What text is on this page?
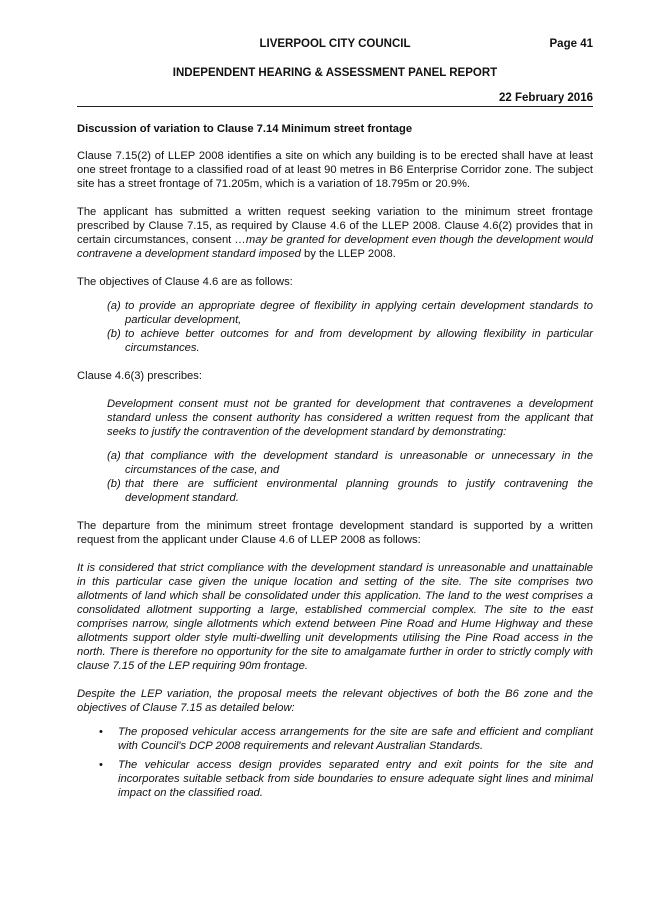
LIVERPOOL CITY COUNCIL	Page 41
INDEPENDENT HEARING & ASSESSMENT PANEL REPORT
22 February 2016
Discussion of variation to Clause 7.14 Minimum street frontage

Clause 7.15(2) of LLEP 2008 identifies a site on which any building is to be erected shall have at least one street frontage to a classified road of at least 90 metres in B6 Enterprise Corridor zone. The subject site has a street frontage of 71.205m, which is a variation of 18.795m or 20.9%.

The applicant has submitted a written request seeking variation to the minimum street frontage prescribed by Clause 7.15, as required by Clause 4.6 of the LLEP 2008. Clause 4.6(2) provides that in certain circumstances, consent …may be granted for development even though the development would contravene a development standard imposed by the LLEP 2008.

The objectives of Clause 4.6 are as follows:

(a) to provide an appropriate degree of flexibility in applying certain development standards to particular development,
(b) to achieve better outcomes for and from development by allowing flexibility in particular circumstances.

Clause 4.6(3) prescribes:

Development consent must not be granted for development that contravenes a development standard unless the consent authority has considered a written request from the applicant that seeks to justify the contravention of the development standard by demonstrating:

(a) that compliance with the development standard is unreasonable or unnecessary in the circumstances of the case, and
(b) that there are sufficient environmental planning grounds to justify contravening the development standard.

The departure from the minimum street frontage development standard is supported by a written request from the applicant under Clause 4.6 of LLEP 2008 as follows:

It is considered that strict compliance with the development standard is unreasonable and unattainable in this particular case given the unique location and setting of the site. The site comprises two allotments of land which shall be consolidated under this application. The land to the west comprises a consolidated allotment supporting a large, established commercial complex. The site to the east comprises narrow, single allotments which extend between Pine Road and Hume Highway and these allotments support older style multi-dwelling unit developments utilising the Pine Road access in the north. There is therefore no opportunity for the site to amalgamate further in order to strictly comply with clause 7.15 of the LEP requiring 90m frontage.

Despite the LEP variation, the proposal meets the relevant objectives of both the B6 zone and the objectives of Clause 7.15 as detailed below:

• The proposed vehicular access arrangements for the site are safe and efficient and compliant with Council's DCP 2008 requirements and relevant Australian Standards.
• The vehicular access design provides separated entry and exit points for the site and incorporates suitable setback from side boundaries to ensure adequate sight lines and minimal impact on the classified road.
